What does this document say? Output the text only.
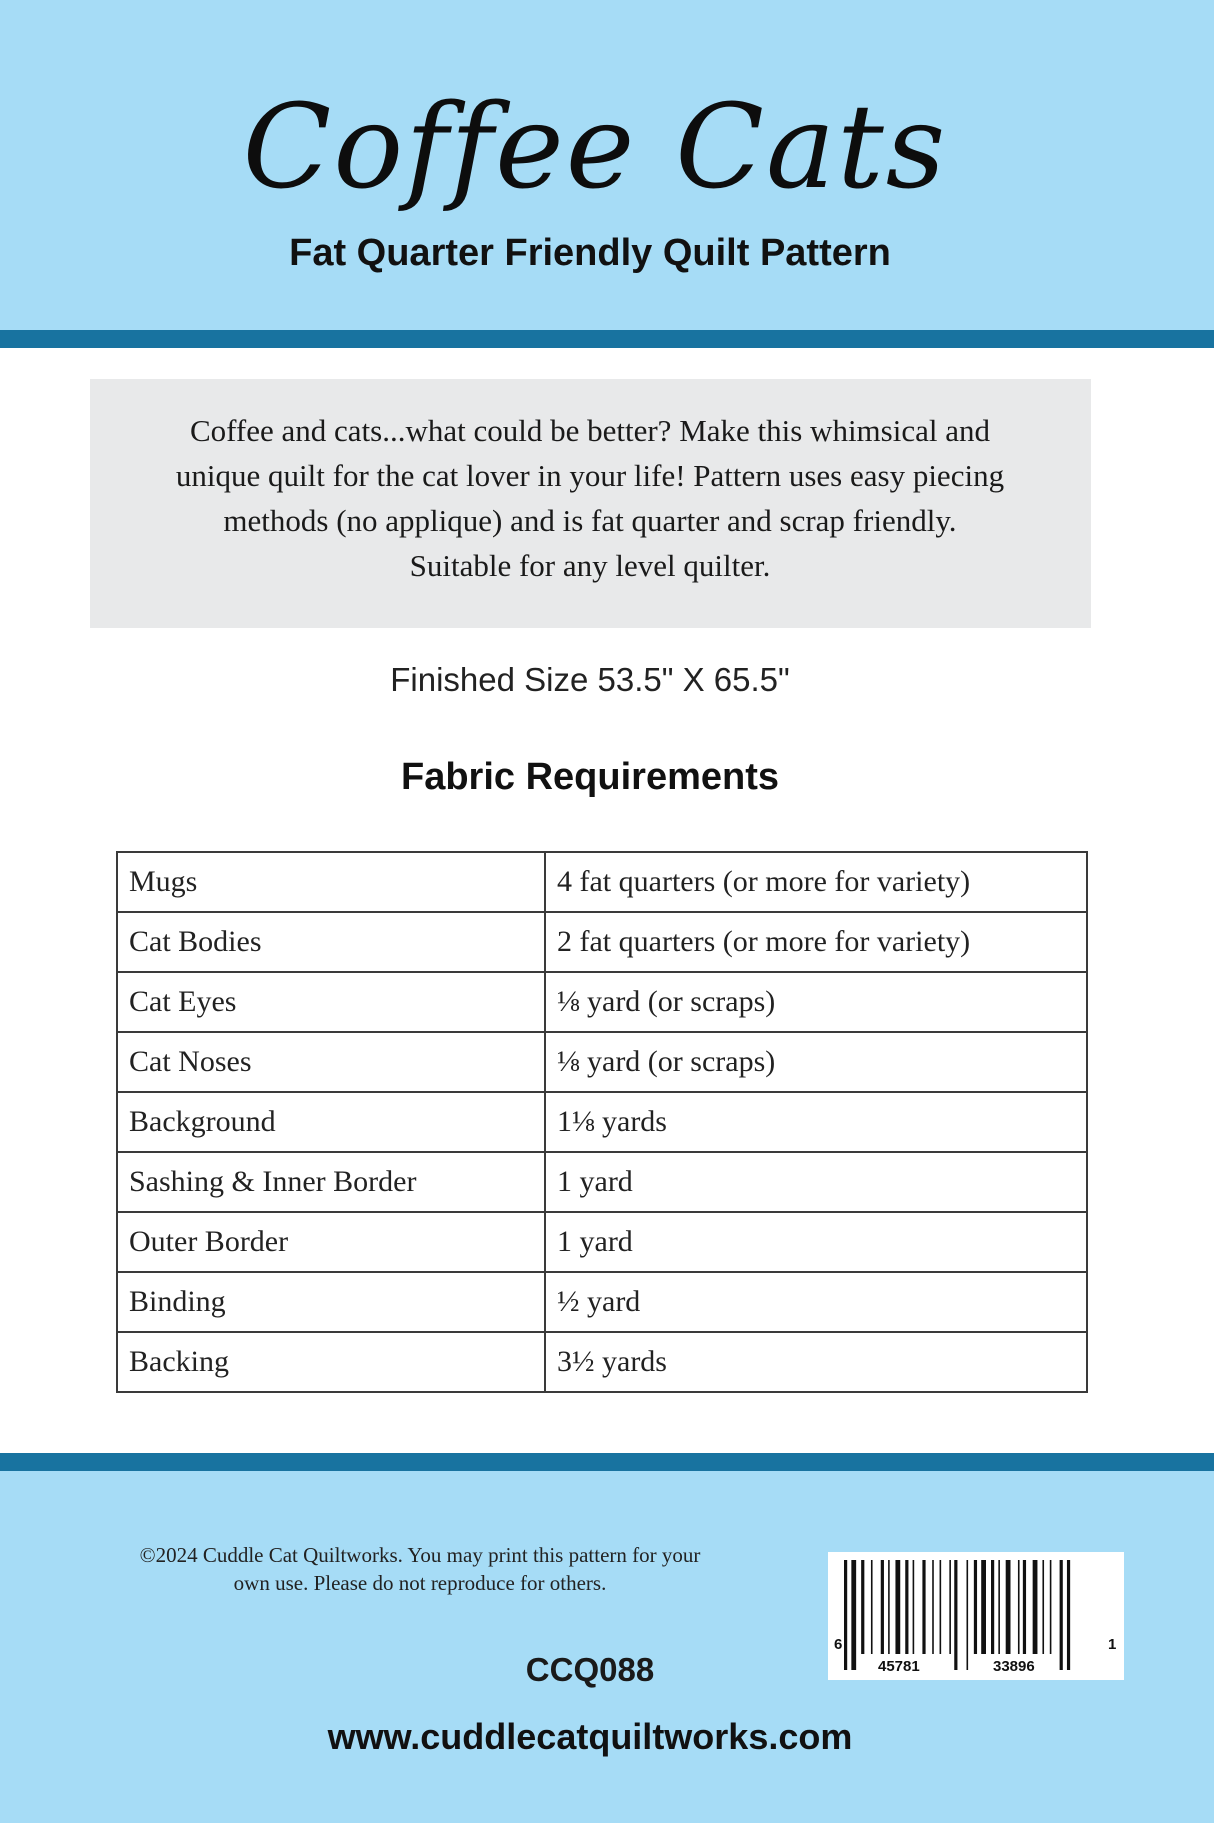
Coffee Cats
Fat Quarter Friendly Quilt Pattern
Coffee and cats...what could be better? Make this whimsical and unique quilt for the cat lover in your life! Pattern uses easy piecing methods (no applique) and is fat quarter and scrap friendly. Suitable for any level quilter.
Finished Size 53.5" X 65.5"
Fabric Requirements
Mugs	4 fat quarters (or more for variety)
Cat Bodies	2 fat quarters (or more for variety)
Cat Eyes	⅛ yard (or scraps)
Cat Noses	⅛ yard (or scraps)
Background	1⅛ yards
Sashing & Inner Border	1 yard
Outer Border	1 yard
Binding	½ yard
Backing	3½ yards
©2024 Cuddle Cat Quiltworks. You may print this pattern for your own use. Please do not reproduce for others.
6
45781	33896
1
CCQ088
www.cuddlecatquiltworks.com
